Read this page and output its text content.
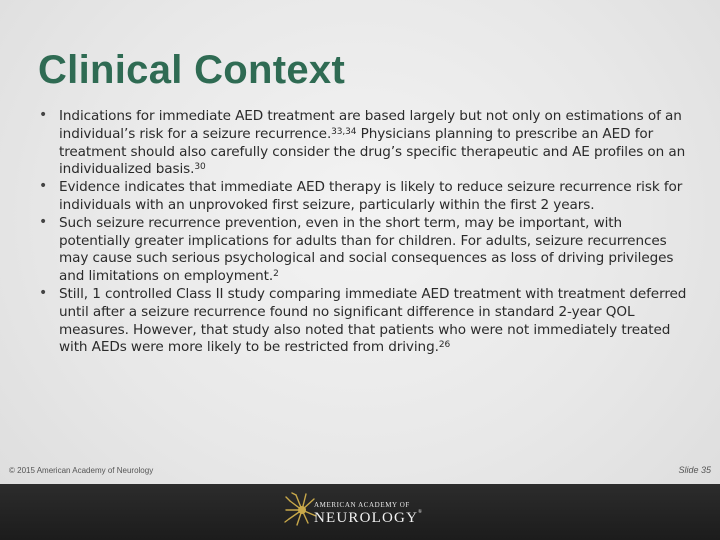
Clinical Context
• Indications for immediate AED treatment are based largely but not only on estimations of an individual’s risk for a seizure recurrence.$^{33,34}$ Physicians planning to prescribe an AED for treatment should also carefully consider the drug’s specific therapeutic and AE profiles on an individualized basis.$^{30}$
• Evidence indicates that immediate AED therapy is likely to reduce seizure recurrence risk for individuals with an unprovoked first seizure, particularly within the first 2 years.
• Such seizure recurrence prevention, even in the short term, may be important, with potentially greater implications for adults than for children. For adults, seizure recurrences may cause such serious psychological and social consequences as loss of driving privileges and limitations on employment.$^2$
• Still, 1 controlled Class II study comparing immediate AED treatment with treatment deferred until after a seizure recurrence found no significant difference in standard 2-year QOL measures. However, that study also noted that patients who were not immediately treated with AEDs were more likely to be restricted from driving.$^{26}$
© 2015 American Academy of Neurology	Slide 35
AMERICAN ACADEMY OF
NEUROLOGY®
